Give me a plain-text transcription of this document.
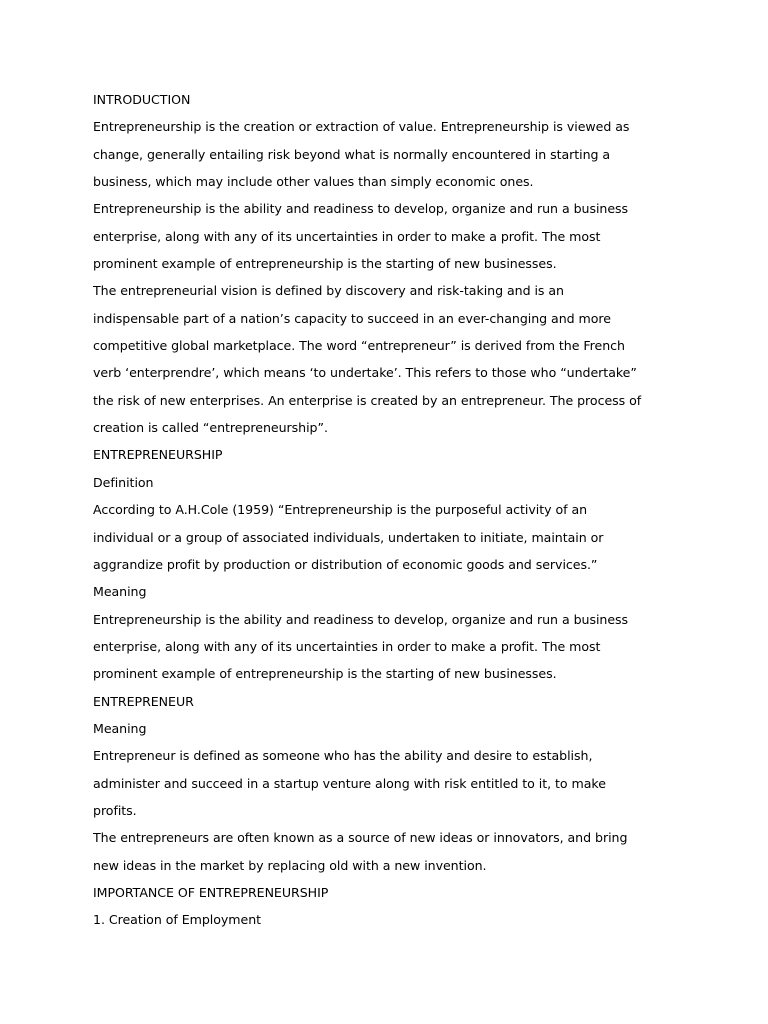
INTRODUCTION
Entrepreneurship is the creation or extraction of value. Entrepreneurship is viewed as
change, generally entailing risk beyond what is normally encountered in starting a
business, which may include other values than simply economic ones.
Entrepreneurship is the ability and readiness to develop, organize and run a business
enterprise, along with any of its uncertainties in order to make a profit. The most
prominent example of entrepreneurship is the starting of new businesses.
The entrepreneurial vision is defined by discovery and risk-taking and is an
indispensable part of a nation’s capacity to succeed in an ever-changing and more
competitive global marketplace. The word “entrepreneur” is derived from the French
verb ‘enterprendre’, which means ‘to undertake’. This refers to those who “undertake”
the risk of new enterprises. An enterprise is created by an entrepreneur. The process of
creation is called “entrepreneurship”.
ENTREPRENEURSHIP
Definition
According to A.H.Cole (1959) “Entrepreneurship is the purposeful activity of an
individual or a group of associated individuals, undertaken to initiate, maintain or
aggrandize profit by production or distribution of economic goods and services.”
Meaning
Entrepreneurship is the ability and readiness to develop, organize and run a business
enterprise, along with any of its uncertainties in order to make a profit. The most
prominent example of entrepreneurship is the starting of new businesses.
ENTREPRENEUR
Meaning
Entrepreneur is defined as someone who has the ability and desire to establish,
administer and succeed in a startup venture along with risk entitled to it, to make
profits.
The entrepreneurs are often known as a source of new ideas or innovators, and bring
new ideas in the market by replacing old with a new invention.
IMPORTANCE OF ENTREPRENEURSHIP
1. Creation of Employment
